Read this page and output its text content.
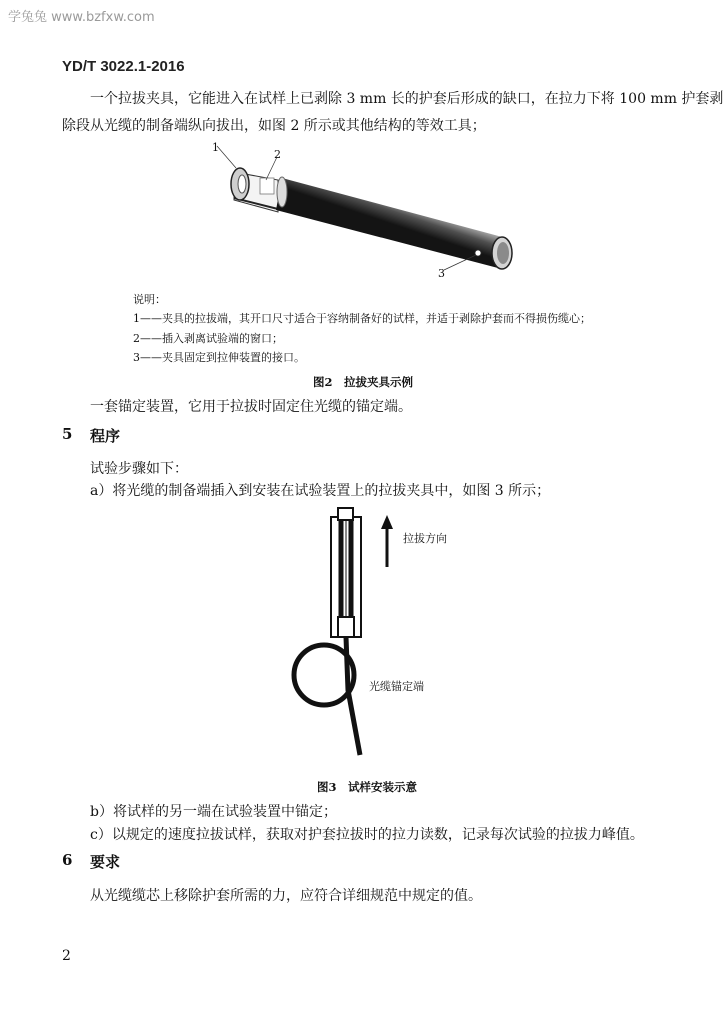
学兔兔 www.bzfxw.com
YD/T 3022.1-2016
一个拉拔夹具，它能进入在试样上已剥除 3 mm 长的护套后形成的缺口，在拉力下将 100 mm 护套剥
除段从光缆的制备端纵向拔出，如图 2 所示或其他结构的等效工具；
1
2
3
说明：
1——夹具的拉拔端，其开口尺寸适合于容纳制备好的试样，并适于剥除护套而不得损伤缆心；
2——插入剥离试验端的窗口；
3——夹具固定到拉伸装置的接口。
图2　拉拔夹具示例
一套锚定装置，它用于拉拔时固定住光缆的锚定端。
5 程序
试验步骤如下：
a）将光缆的制备端插入到安装在试验装置上的拉拔夹具中，如图 3 所示；
拉拔方向
光缆锚定端
图3　试样安装示意
b）将试样的另一端在试验装置中锚定；
c）以规定的速度拉拔试样，获取对护套拉拔时的拉力读数，记录每次试验的拉拔力峰值。
6 要求
从光缆缆芯上移除护套所需的力，应符合详细规范中规定的值。
2
